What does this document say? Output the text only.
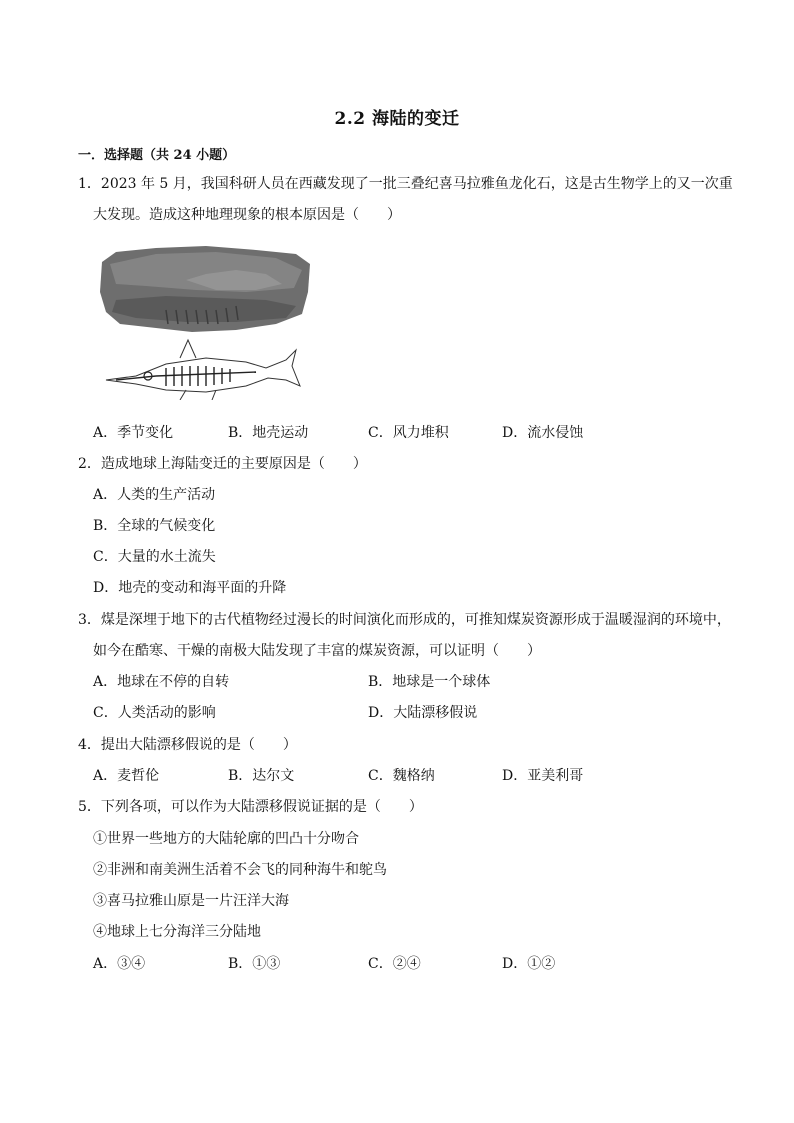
2.2 海陆的变迁
一．选择题（共 24 小题）
1．2023 年 5 月，我国科研人员在西藏发现了一批三叠纪喜马拉雅鱼龙化石，这是古生物学上的又一次重
大发现。造成这种地理现象的根本原因是（　　）
A．季节变化	B．地壳运动	C．风力堆积	D．流水侵蚀
2．造成地球上海陆变迁的主要原因是（　　）
A．人类的生产活动
B．全球的气候变化
C．大量的水土流失
D．地壳的变动和海平面的升降
3．煤是深埋于地下的古代植物经过漫长的时间演化而形成的，可推知煤炭资源形成于温暖湿润的环境中，
如今在酷寒、干燥的南极大陆发现了丰富的煤炭资源，可以证明（　　）
A．地球在不停的自转	B．地球是一个球体
C．人类活动的影响	D．大陆漂移假说
4．提出大陆漂移假说的是（　　）
A．麦哲伦	B．达尔文	C．魏格纳	D．亚美利哥
5．下列各项，可以作为大陆漂移假说证据的是（　　）
①世界一些地方的大陆轮廓的凹凸十分吻合
②非洲和南美洲生活着不会飞的同种海牛和鸵鸟
③喜马拉雅山原是一片汪洋大海
④地球上七分海洋三分陆地
A．③④	B．①③	C．②④	D．①②
